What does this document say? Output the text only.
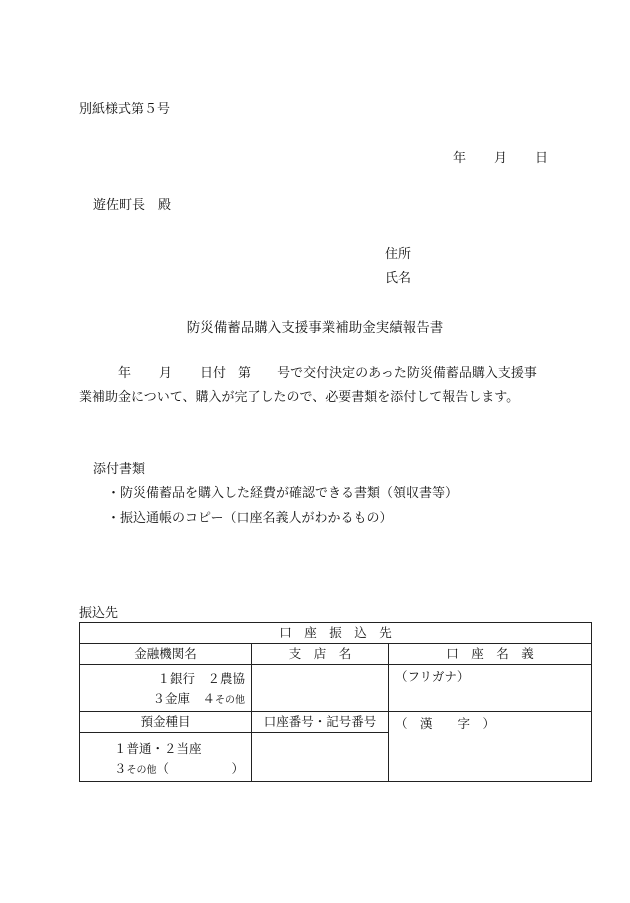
別紙様式第５号
年 月 日
遊佐町長　殿
住所
氏名
防災備蓄品購入支援事業補助金実績報告書
年 月 日付 第 号で交付決定のあった防災備蓄品購入支援事
業補助金について、購入が完了したので、必要書類を添付して報告します。
添付書類
・防災備蓄品を購入した経費が確認できる書類（領収書等）
・振込通帳のコピー（口座名義人がわかるもの）
振込先
口　座　振　込　先		
金融機関名	支　店　名	口　座　名　義

１銀行　２農協
３金庫　４その他		（フリガナ）
預金種目	口座番号・記号番号	（　漢　　字　）

１普通・２当座
３その他（　　　　　）		
